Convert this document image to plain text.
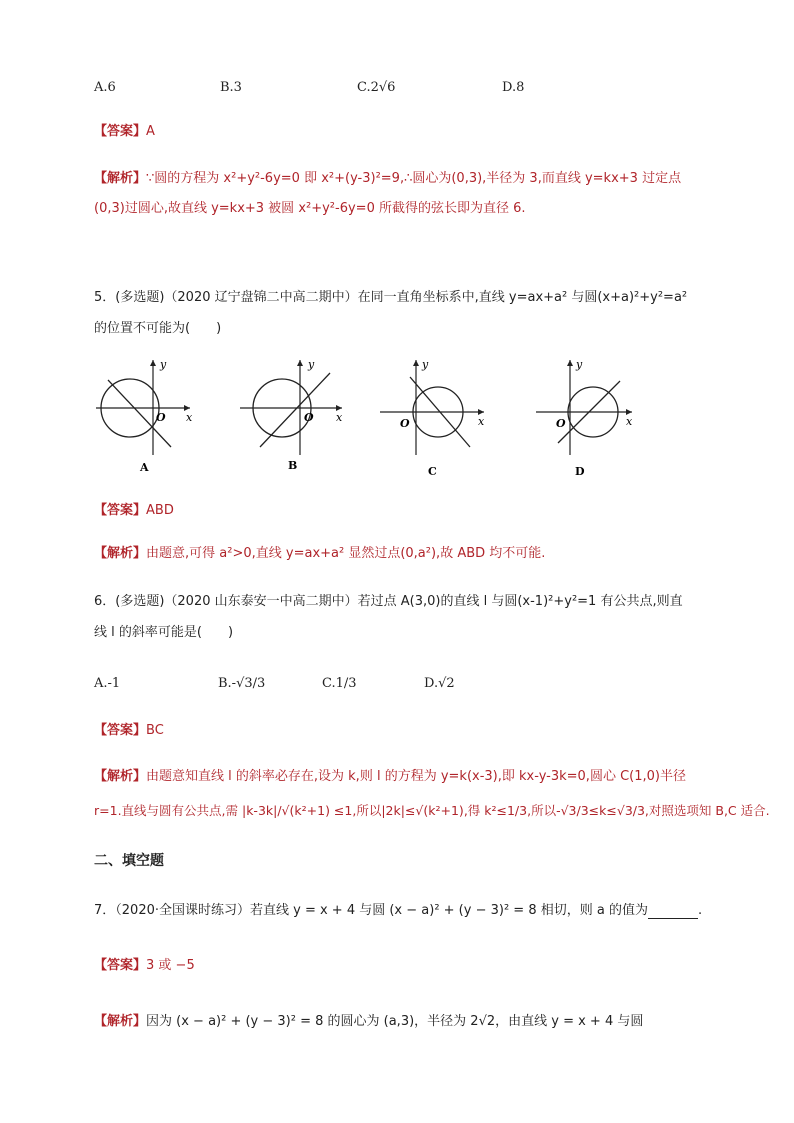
A.6	B.3	C.2√6	D.8
【答案】A
【解析】∵圆的方程为 x²+y²-6y=0 即 x²+(y-3)²=9,∴圆心为(0,3),半径为 3,而直线 y=kx+3 过定点
(0,3)过圆心,故直线 y=kx+3 被圆 x²+y²-6y=0 所截得的弦长即为直径 6.
5．(多选题)（2020 辽宁盘锦二中高二期中）在同一直角坐标系中,直线 y=ax+a² 与圆(x+a)²+y²=a²
的位置不可能为(　　)
y
x
O
A
y
x
O
B
y
x
O
C
y
x
O
D
【答案】ABD
【解析】由题意,可得 a²>0,直线 y=ax+a² 显然过点(0,a²),故 ABD 均不可能.
6．(多选题)（2020 山东泰安一中高二期中）若过点 A(3,0)的直线 l 与圆(x-1)²+y²=1 有公共点,则直
线 l 的斜率可能是(　　)
A.-1	B.-√3/3	C.1/3	D.√2
【答案】BC
【解析】由题意知直线 l 的斜率必存在,设为 k,则 l 的方程为 y=k(x-3),即 kx-y-3k=0,圆心 C(1,0)半径
r=1.直线与圆有公共点,需 |k-3k|/√(k²+1) ≤1,所以|2k|≤√(k²+1),得 k²≤1/3,所以-√3/3≤k≤√3/3,对照选项知 B,C 适合.
二、填空题
7．（2020·全国课时练习）若直线 y = x + 4 与圆 (x − a)² + (y − 3)² = 8 相切，则 a 的值为	.
【答案】3 或 −5
【解析】因为 (x − a)² + (y − 3)² = 8 的圆心为 (a,3)，半径为 2√2，由直线 y = x + 4 与圆
